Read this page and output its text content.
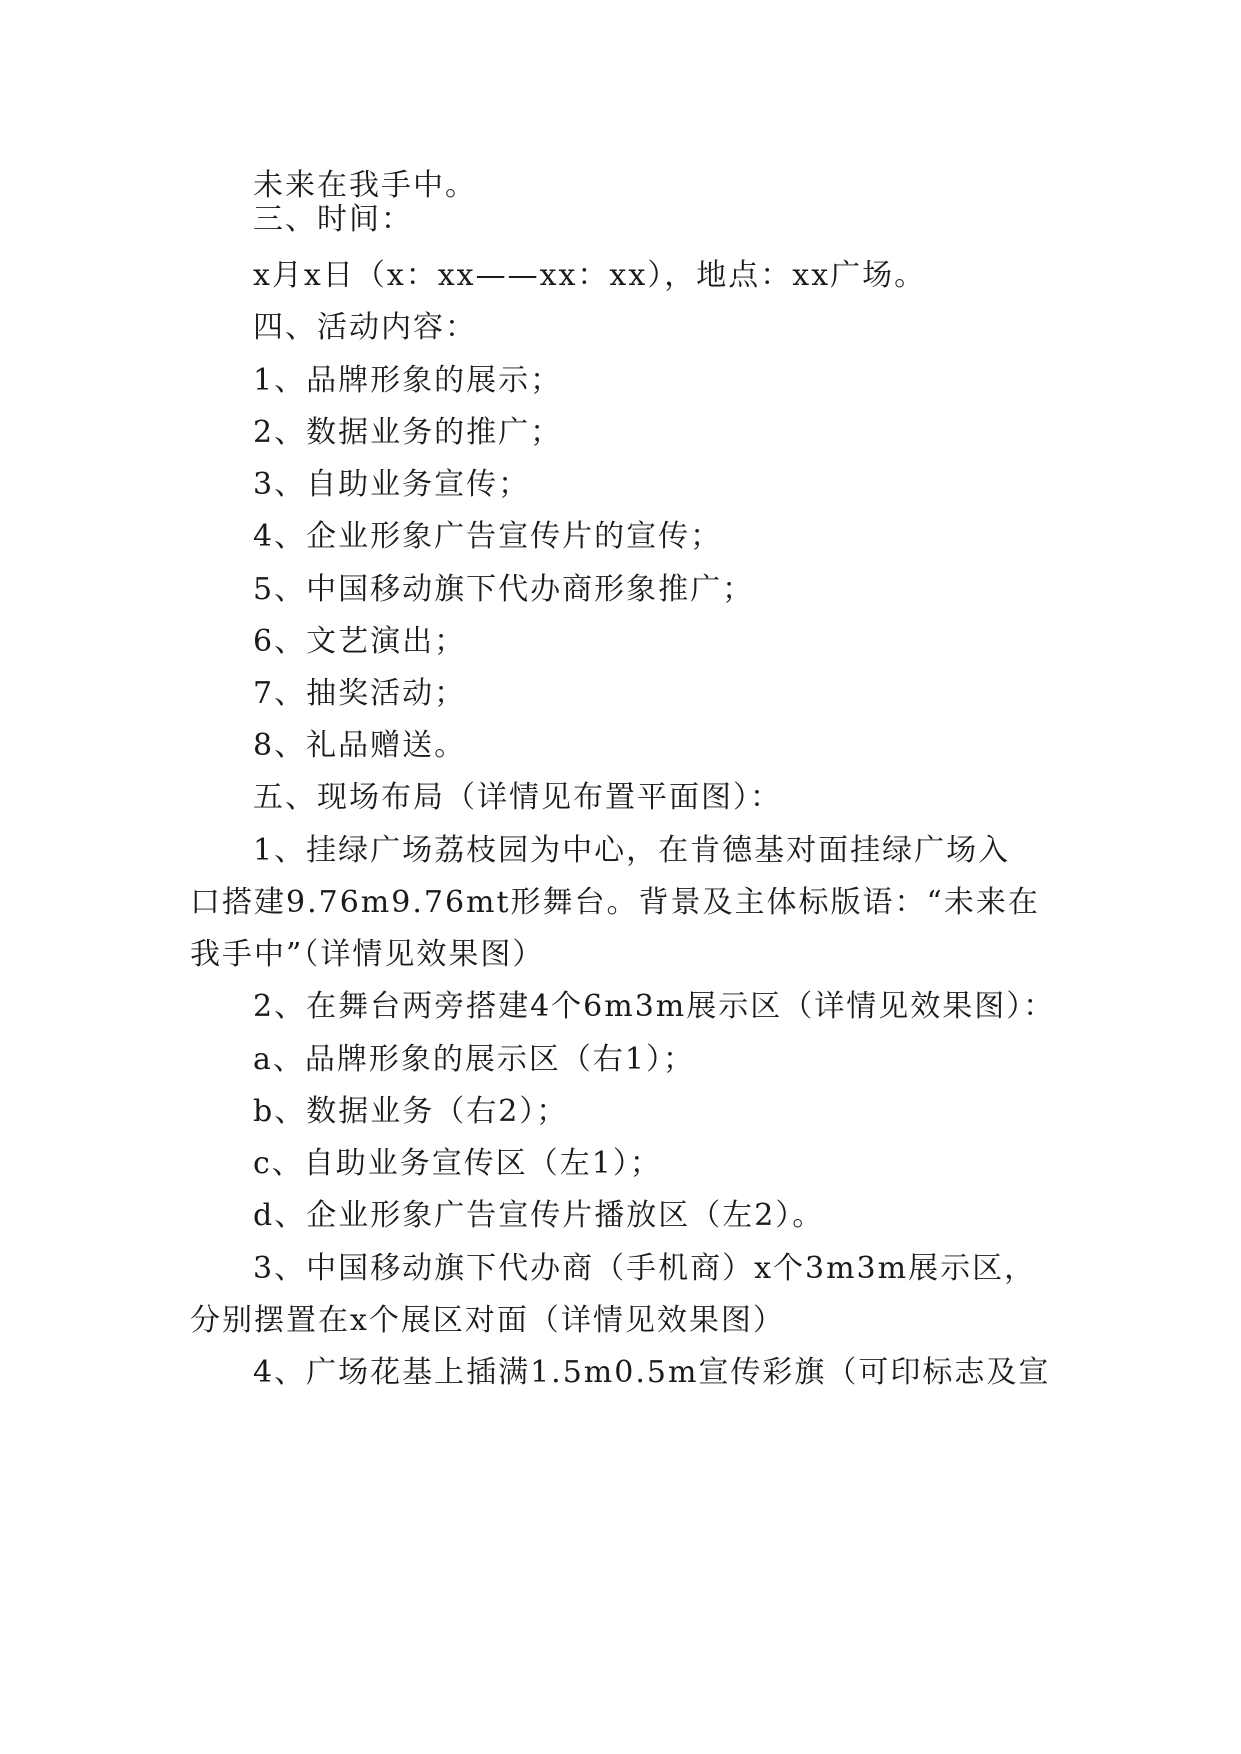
未来在我手中。
三、时间：
x月x日（x：xx——xx：xx），地点：xx广场。
四、活动内容：
1、品牌形象的展示；
2、数据业务的推广；
3、自助业务宣传；
4、企业形象广告宣传片的宣传；
5、中国移动旗下代办商形象推广；
6、文艺演出；
7、抽奖活动；
8、礼品赠送。
五、现场布局（详情见布置平面图）：
1、挂绿广场荔枝园为中心，在肯德基对面挂绿广场入
口搭建9.76m9.76mt形舞台。背景及主体标版语：“未来在
我手中”（详情见效果图）
2、在舞台两旁搭建4个6m3m展示区（详情见效果图）：
a、品牌形象的展示区（右1）；
b、数据业务（右2）；
c、自助业务宣传区（左1）；
d、企业形象广告宣传片播放区（左2）。
3、中国移动旗下代办商（手机商）x个3m3m展示区，
分别摆置在x个展区对面（详情见效果图）
4、广场花基上插满1.5m0.5m宣传彩旗（可印标志及宣
